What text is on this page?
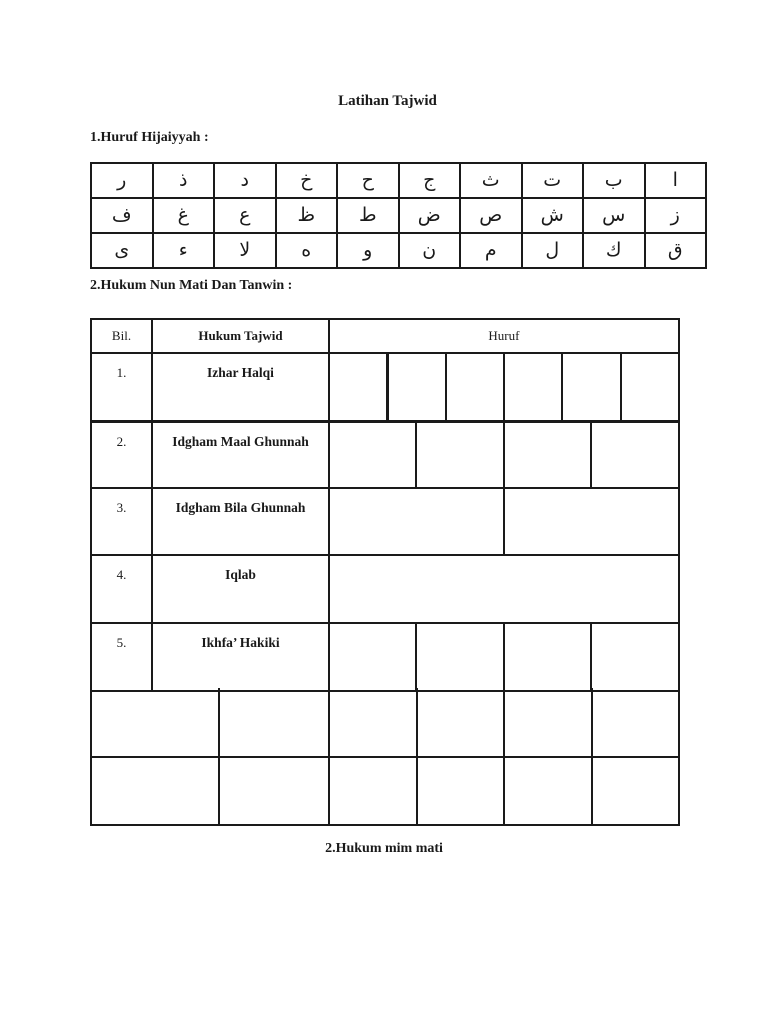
Latihan Tajwid
1.Huruf Hijaiyyah :
ر	ذ	د	خ	ح	ج	ث	ت	ب	ا
ف	غ	ع	ظ	ط	ض	ص	ش	س	ز
ى	ء	لا	ه	و	ن	م	ل	ك	ق
2.Hukum Nun Mati Dan Tanwin :
Bil.	Hukum Tajwid	Huruf							
1.	Izhar Halqi								
2.	Idgham Maal Ghunnah								
3.	Idgham Bila Ghunnah								
4.	Iqlab								
5.	Ikhfa’ Hakiki								

2.Hukum mim mati
